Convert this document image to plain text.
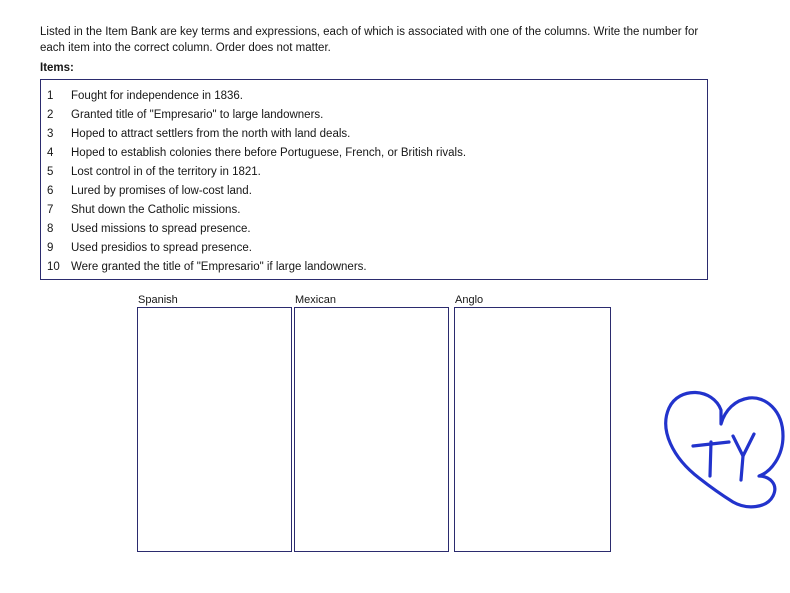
Listed in the Item Bank are key terms and expressions, each of which is associated with one of the columns. Write the number for each item into the correct column. Order does not matter.
Items:
1	Fought for independence in 1836.
2	Granted title of "Empresario" to large landowners.
3	Hoped to attract settlers from the north with land deals.
4	Hoped to establish colonies there before Portuguese, French, or British rivals.
5	Lost control in of the territory in 1821.
6	Lured by promises of low-cost land.
7	Shut down the Catholic missions.
8	Used missions to spread presence.
9	Used presidios to spread presence.
10 Were granted the title of "Empresario" if large landowners.
Spanish	Mexican	Anglo
